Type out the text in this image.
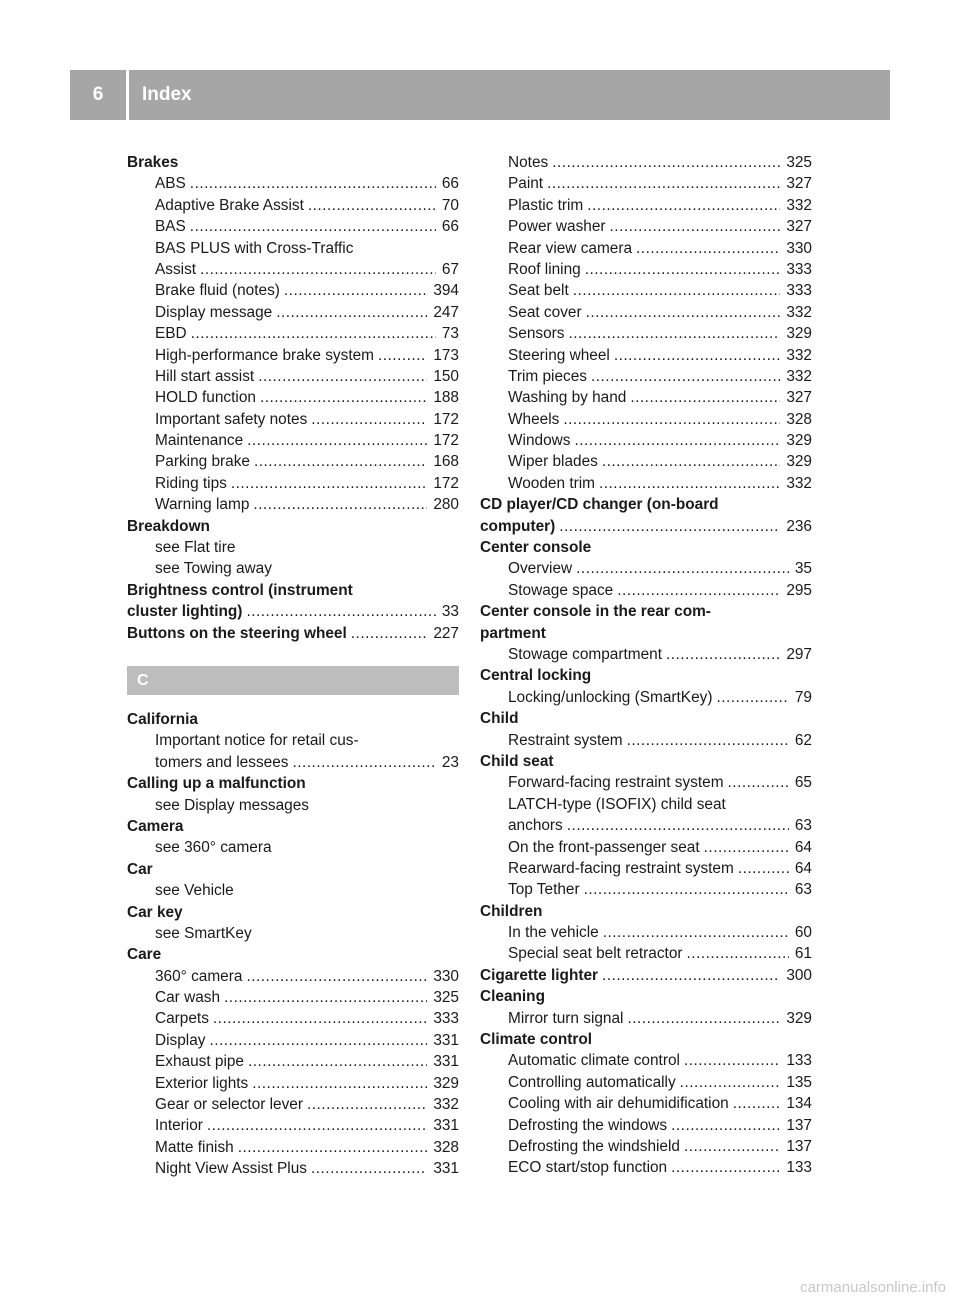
6	Index
Brakes
ABS .....	66
Adaptive Brake Assist .....	70
BAS .....	66
BAS PLUS with Cross-Traffic
Assist .....	67
Brake fluid (notes) .....	394
Display message .....	247
EBD .....	73
High-performance brake system .....	173
Hill start assist .....	150
HOLD function .....	188
Important safety notes .....	172
Maintenance .....	172
Parking brake .....	168
Riding tips .....	172
Warning lamp .....	280
Breakdown
see Flat tire
see Towing away
Brightness control (instrument
cluster lighting) .....	33
Buttons on the steering wheel .....	227
C
California
Important notice for retail cus-
tomers and lessees .....	23
Calling up a malfunction
see Display messages
Camera
see 360° camera
Car
see Vehicle
Car key
see SmartKey
Care
360° camera .....	330
Car wash .....	325
Carpets .....	333
Display .....	331
Exhaust pipe .....	331
Exterior lights .....	329
Gear or selector lever .....	332
Interior .....	331
Matte finish .....	328
Night View Assist Plus .....	331
Notes .....	325
Paint .....	327
Plastic trim .....	332
Power washer .....	327
Rear view camera .....	330
Roof lining .....	333
Seat belt .....	333
Seat cover .....	332
Sensors .....	329
Steering wheel .....	332
Trim pieces .....	332
Washing by hand .....	327
Wheels .....	328
Windows .....	329
Wiper blades .....	329
Wooden trim .....	332
CD player/CD changer (on-board
computer) .....	236
Center console
Overview .....	35
Stowage space .....	295
Center console in the rear com-
partment
Stowage compartment .....	297
Central locking
Locking/unlocking (SmartKey) .....	79
Child
Restraint system .....	62
Child seat
Forward-facing restraint system .....	65
LATCH-type (ISOFIX) child seat
anchors .....	63
On the front-passenger seat .....	64
Rearward-facing restraint system .....	64
Top Tether .....	63
Children
In the vehicle .....	60
Special seat belt retractor .....	61
Cigarette lighter .....	300
Cleaning
Mirror turn signal .....	329
Climate control
Automatic climate control .....	133
Controlling automatically .....	135
Cooling with air dehumidification .....	134
Defrosting the windows .....	137
Defrosting the windshield .....	137
ECO start/stop function .....	133
carmanualsonline.info
